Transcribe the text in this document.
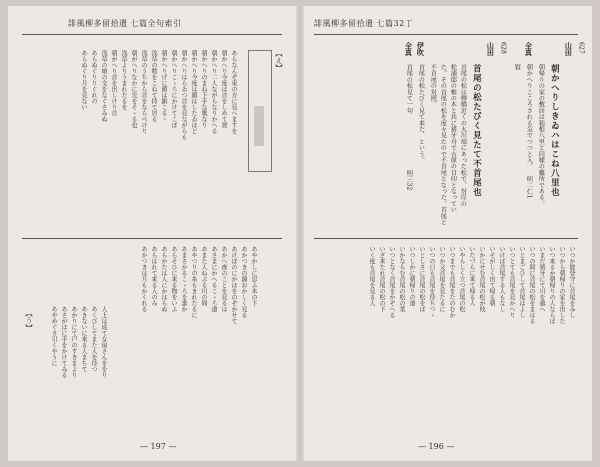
誹風柳多留拾遺 七篇全句索引
【え】
あらなんぞ東の方に見へますを
朝かへり今度は首をしめて置
朝かへり二人ながらなりかへる
朝かへりのまね下手な歌なり
朝かへり今度は顔はしたゐほど
朝かへりはらゐつ首を見ながらも
朝かへりこゝろにかけてこぼ
朝かへりげに顔は顕こるゝ
浅草の数をこねて持て居る
浅草のうちから首をならべけり
朝がへりなかに先をそゝる也
浅草よりうまれたるを
朝がへり首を出しけり首
浅草の娘の文をなぐさみぬ
あらぬぐりりぐれの
あらぬぐり月を見ない
あやかしに思ふ木の下
あかつきの鐘おかしく見る
あけぼのにかほをのぞかせて
あかへ夜のことを見るは
あさまにかへるこゝろ道
あまた人ねぶる川の間
あやつりの糸もきれたるに
あまさかるこゝろを誰か
あらそひに来る物をいふ
あらかたは人にかはらぬ
あらはれて来る人のみ
あかつきは月もかくれる
人上は成て女房さんををり
あくびしてまた人を待つ
あきないに来る人まちて
あかりにて戸のすきまより
あさがほに手をかけてみる
あやめぐさ引くやうに
【う】
— 197 —
誹風柳多留拾遺 七篇32丁
627
山田
朝かへりしきゐハはこね八里也
朝帰りの家の敷居は箱根八里と同様の難所である。
全真
朝かへりこころされる気でつつと入。
明二仁1
賢
628
山田
首尾の松たびく見たて不首尾也
首尾の松は柳橋近くの大川端にあった松で、対岸の
松浦邸の椎の木と共に猪牙舟で吉原の目印となってい
た。その首尾の松を度々見たので不首尾となった。首尾と
不首尾の対照。
伊吹
首尾の松たびく見て来た、という。
全真
首尾の松見て一句
明三32
いつか能登守に首尾をみし
いつから朝帰りの家を出した
いつ来るか朝帰りの人ならば
いまだ猪牙にて川を越へ
いつの間に首尾の松をまはる
いとまごひして首尾はよし
いつとても首尾を見かへり
いけば首尾する人もなし
いそがしく出て帰る朝
いかにせむ首尾の松が枝
いたづらに来て帰る人
いやらしく立つ首尾の松
いつまでも首尾をたのむか
いつか又首尾を見たるに
いつの日も首尾を待ちつゝ
いとしさに首尾の松をば
いつしかに朝帰りの道
いかならむ首尾の松の葉
いつとなく首尾をかぞへる
いざ来たれ首尾の松の下
いく度も首尾を見る人
— 196 —
